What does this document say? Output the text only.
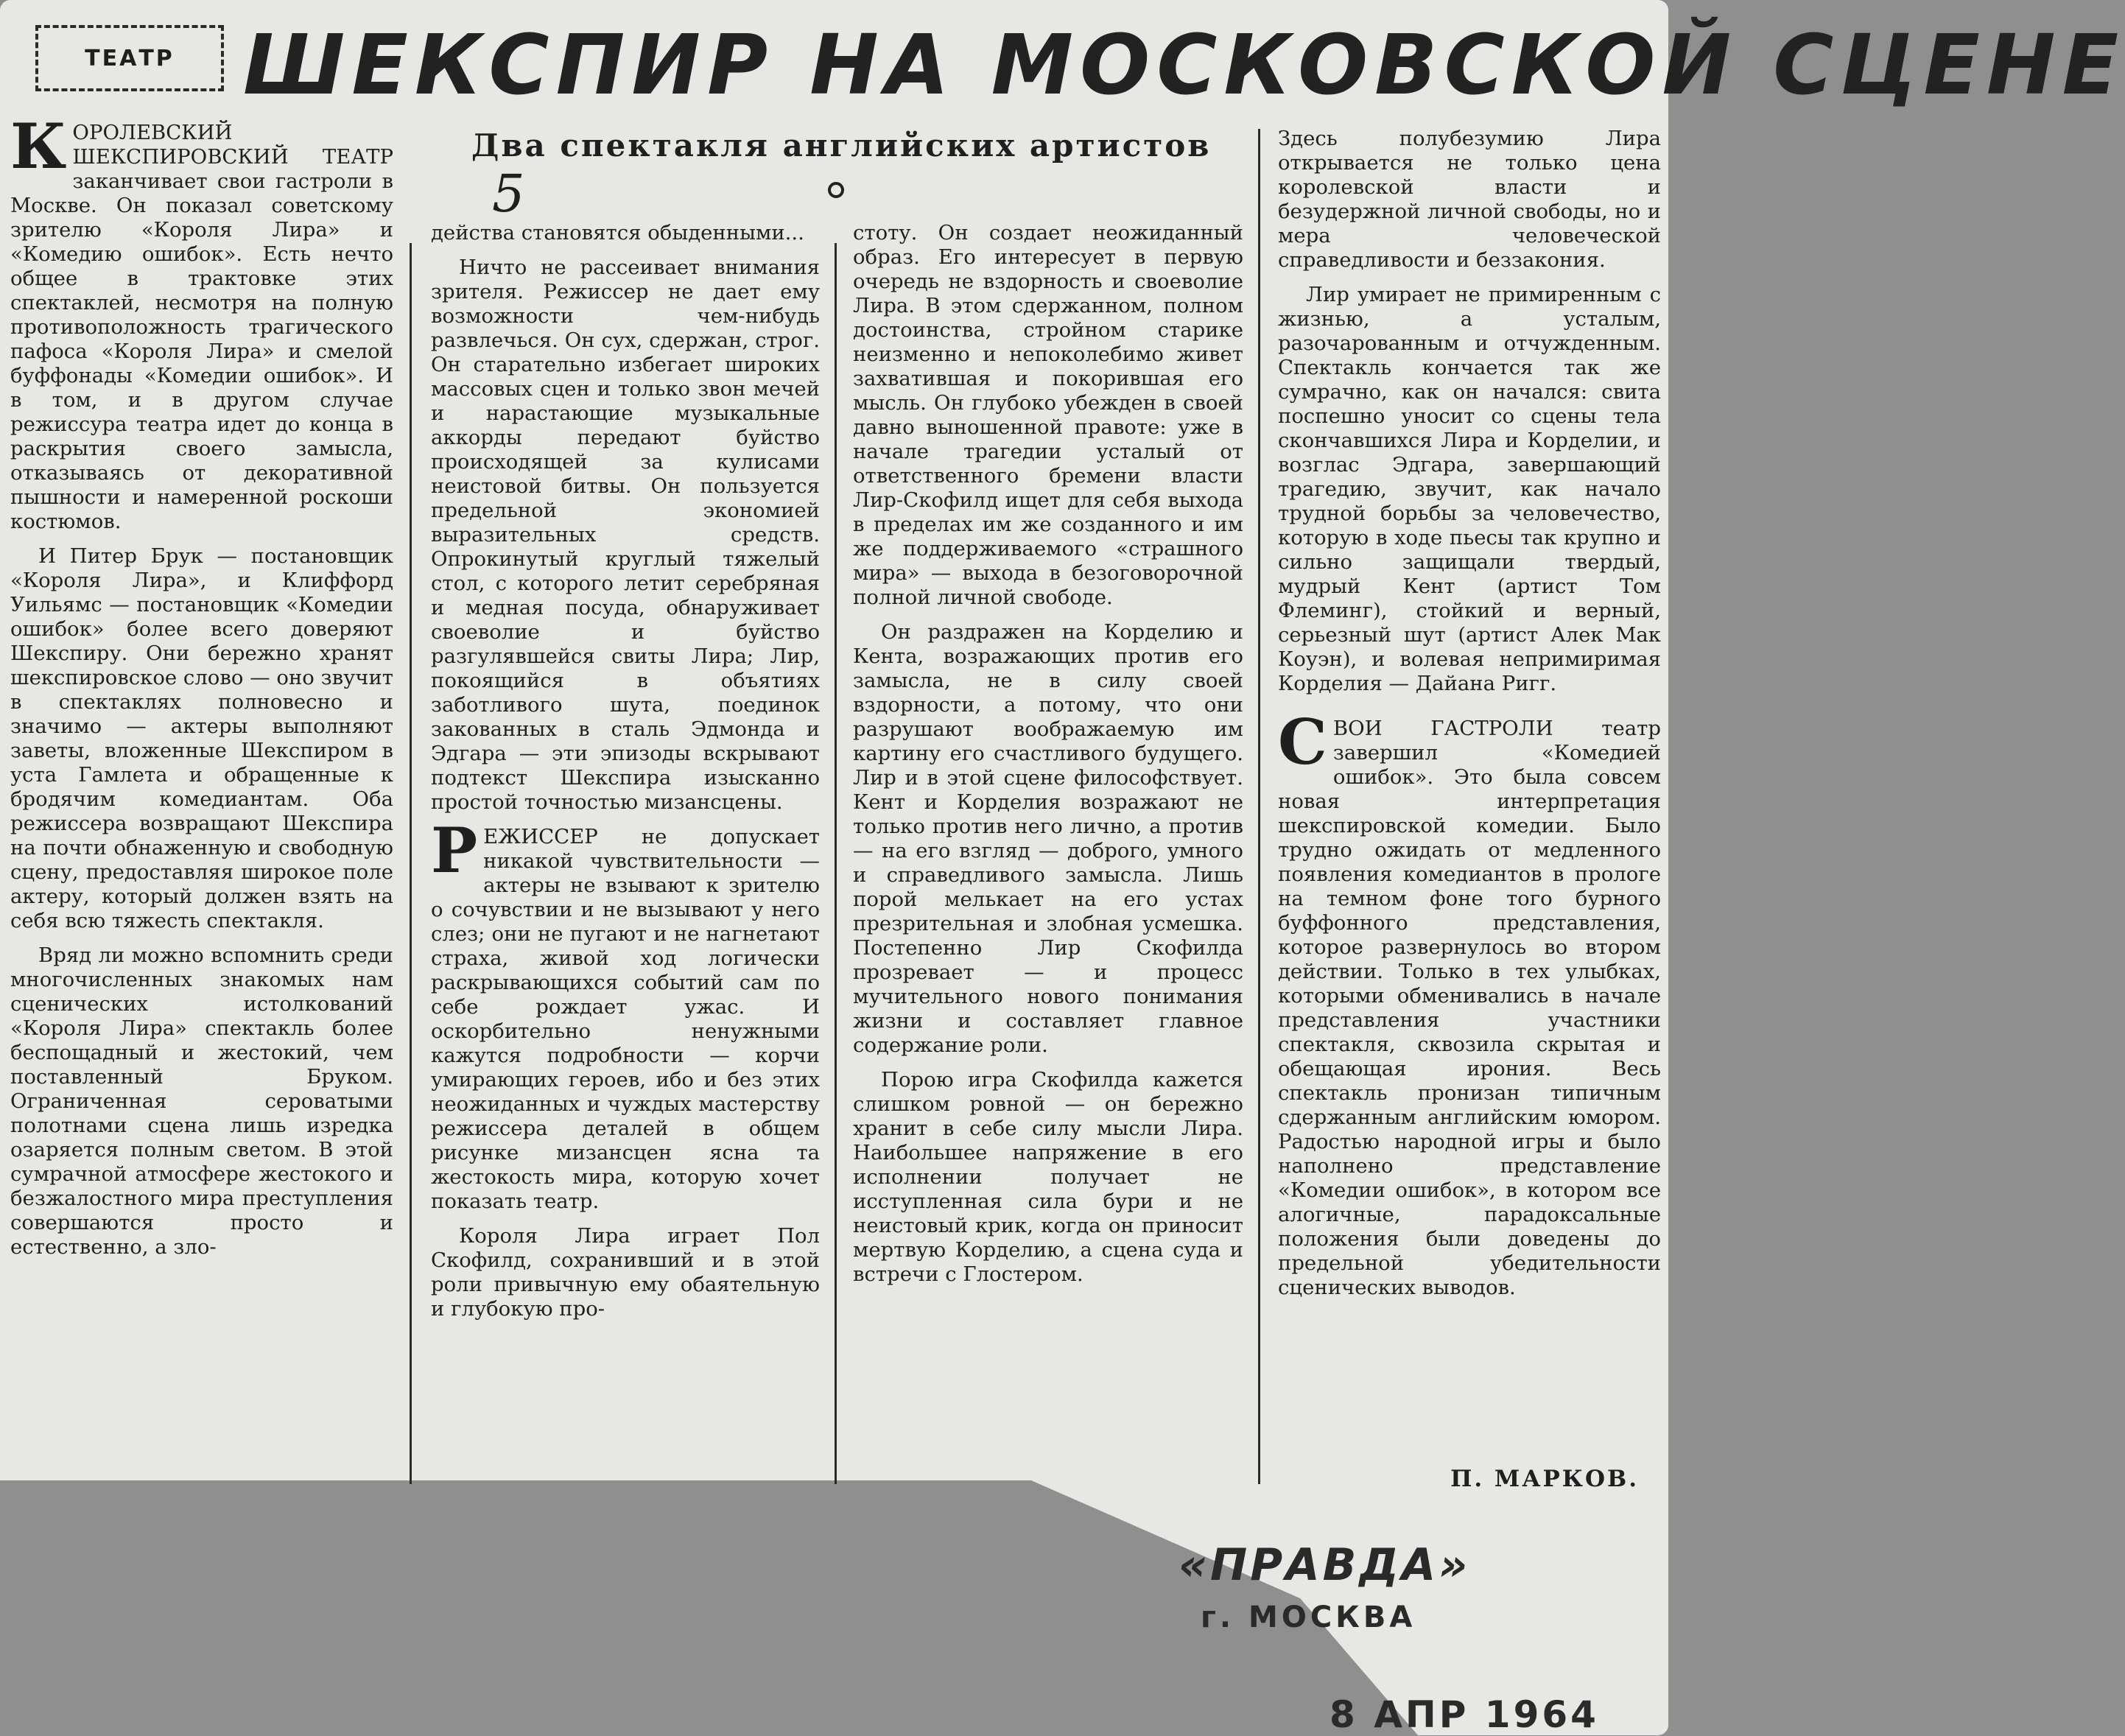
ТЕАТР ШЕКСПИР НА МОСКОВСКОЙ СЦЕНЕ
Два спектакля английских артистов
5

КОРОЛЕВСКИЙ ШЕКСПИРОВСКИЙ ТЕАТР заканчивает свои гастроли в Москве. Он показал советскому зрителю «Короля Лира» и «Комедию ошибок». Есть нечто общее в трактовке этих спектаклей, несмотря на полную противоположность трагического пафоса «Короля Лира» и смелой буффонады «Комедии ошибок». И в том, и в другом случае режиссура театра идет до конца в раскрытия своего замысла, отказываясь от декоративной пышности и намеренной роскоши костюмов.

И Питер Брук — постановщик «Короля Лира», и Клиффорд Уильямс — постановщик «Комедии ошибок» более всего доверяют Шекспиру. Они бережно хранят шекспировское слово — оно звучит в спектаклях полновесно и значимо — актеры выполняют заветы, вложенные Шекспиром в уста Гамлета и обращенные к бродячим комедиантам. Оба режиссера возвращают Шекспира на почти обнаженную и свободную сцену, предоставляя широкое поле актеру, который должен взять на себя всю тяжесть спектакля.

Вряд ли можно вспомнить среди многочисленных знакомых нам сценических истолкований «Короля Лира» спектакль более беспощадный и жестокий, чем поставленный Бруком. Ограниченная сероватыми полотнами сцена лишь изредка озаряется полным светом. В этой сумрачной атмосфере жестокого и безжалостного мира преступления совершаются просто и естественно, а зло-

действа становятся обыденными...

Ничто не рассеивает внимания зрителя. Режиссер не дает ему возможности чем-нибудь развлечься. Он сух, сдержан, строг. Он старательно избегает широких массовых сцен и только звон мечей и нарастающие музыкальные аккорды передают буйство происходящей за кулисами неистовой битвы. Он пользуется предельной экономией выразительных средств. Опрокинутый круглый тяжелый стол, с которого летит серебряная и медная посуда, обнаруживает своеволие и буйство разгулявшейся свиты Лира; Лир, покоящийся в объятиях заботливого шута, поединок закованных в сталь Эдмонда и Эдгара — эти эпизоды вскрывают подтекст Шекспира изысканно простой точностью мизансцены.

РЕЖИССЕР не допускает никакой чувствительности — актеры не взывают к зрителю о сочувствии и не вызывают у него слез; они не пугают и не нагнетают страха, живой ход логически раскрывающихся событий сам по себе рождает ужас. И оскорбительно ненужными кажутся подробности — корчи умирающих героев, ибо и без этих неожиданных и чуждых мастерству режиссера деталей в общем рисунке мизансцен ясна та жестокость мира, которую хочет показать театр.

Короля Лира играет Пол Скофилд, сохранивший и в этой роли привычную ему обаятельную и глубокую про-

стоту. Он создает неожиданный образ. Его интересует в первую очередь не вздорность и своеволие Лира. В этом сдержанном, полном достоинства, стройном старике неизменно и непоколебимо живет захватившая и покорившая его мысль. Он глубоко убежден в своей давно выношенной правоте: уже в начале трагедии усталый от ответственного бремени власти Лир-Скофилд ищет для себя выхода в пределах им же созданного и им же поддерживаемого «страшного мира» — выхода в безоговорочной полной личной свободе.

Он раздражен на Корделию и Кента, возражающих против его замысла, не в силу своей вздорности, а потому, что они разрушают воображаемую им картину его счастливого будущего. Лир и в этой сцене философствует. Кент и Корделия возражают не только против него лично, а против — на его взгляд — доброго, умного и справедливого замысла. Лишь порой мелькает на его устах презрительная и злобная усмешка. Постепенно Лир Скофилда прозревает — и процесс мучительного нового понимания жизни и составляет главное содержание роли.

Порою игра Скофилда кажется слишком ровной — он бережно хранит в себе силу мысли Лира. Наибольшее напряжение в его исполнении получает не исступленная сила бури и не неистовый крик, когда он приносит мертвую Корделию, а сцена суда и встречи с Глостером.

Здесь полубезумию Лира открывается не только цена королевской власти и безудержной личной свободы, но и мера человеческой справедливости и беззакония.

Лир умирает не примиренным с жизнью, а усталым, разочарованным и отчужденным. Спектакль кончается так же сумрачно, как он начался: свита поспешно уносит со сцены тела скончавшихся Лира и Корделии, и возглас Эдгара, завершающий трагедию, звучит, как начало трудной борьбы за человечество, которую в ходе пьесы так крупно и сильно защищали твердый, мудрый Кент (артист Том Флеминг), стойкий и верный, серьезный шут (артист Алек Мак Коуэн), и волевая непримиримая Корделия — Дайана Ригг.

СВОИ ГАСТРОЛИ театр завершил «Комедией ошибок». Это была совсем новая интерпретация шекспировской комедии. Было трудно ожидать от медленного появления комедиантов в прологе на темном фоне того бурного буффонного представления, которое развернулось во втором действии. Только в тех улыбках, которыми обменивались в начале представления участники спектакля, сквозила скрытая и обещающая ирония. Весь спектакль пронизан типичным сдержанным английским юмором. Радостью народной игры и было наполнено представление «Комедии ошибок», в котором все алогичные, парадоксальные положения были доведены до предельной убедительности сценических выводов.

П. МАРКОВ.

«ПРАВДА»

г. МОСКВА

8 АПР 1964
